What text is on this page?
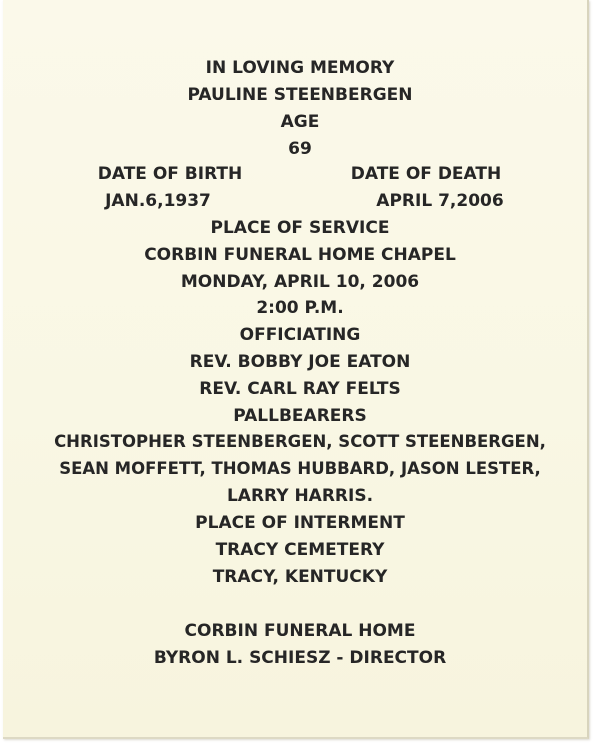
IN LOVING MEMORY
PAULINE STEENBERGEN
AGE
69
DATE OF BIRTH	DATE OF DEATH
JAN.6,1937	APRIL 7,2006
PLACE OF SERVICE
CORBIN FUNERAL HOME CHAPEL
MONDAY, APRIL 10, 2006
2:00 P.M.
OFFICIATING
REV. BOBBY JOE EATON
REV. CARL RAY FELTS
PALLBEARERS
CHRISTOPHER STEENBERGEN, SCOTT STEENBERGEN,
SEAN MOFFETT, THOMAS HUBBARD, JASON LESTER,
LARRY HARRIS.
PLACE OF INTERMENT
TRACY CEMETERY
TRACY, KENTUCKY
CORBIN FUNERAL HOME
BYRON L. SCHIESZ - DIRECTOR
